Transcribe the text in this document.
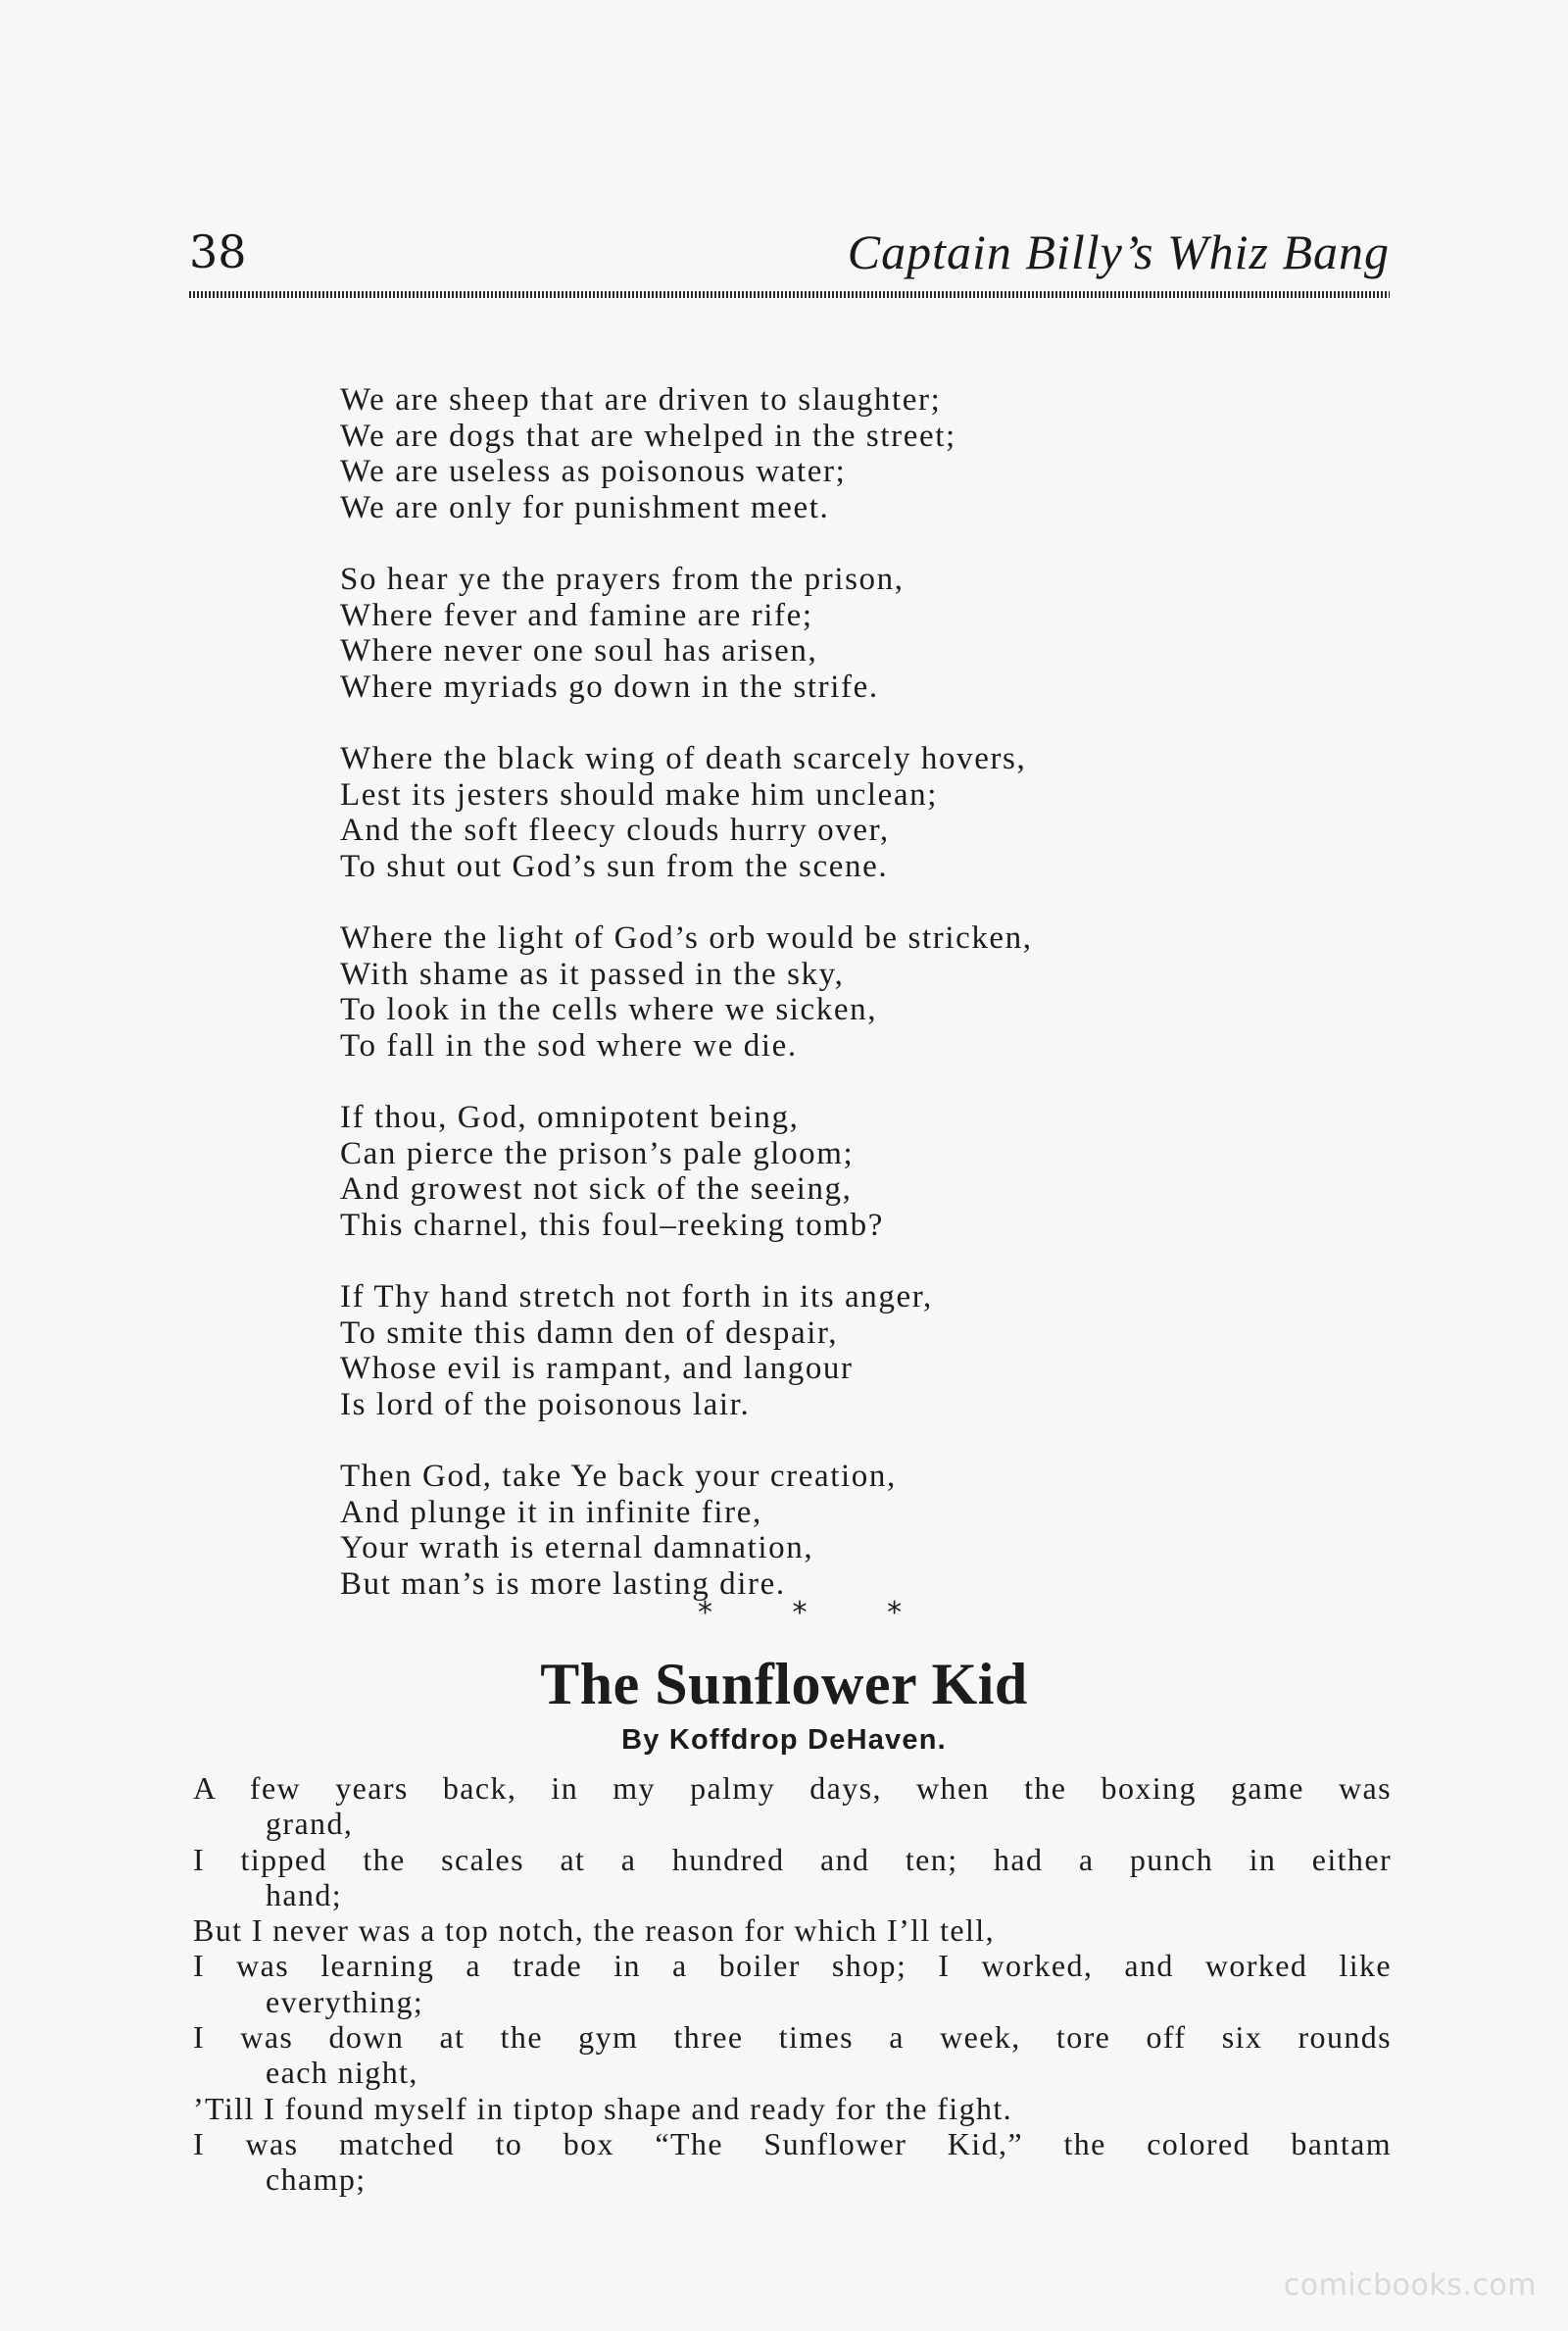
38	Captain Billy’s Whiz Bang
We are sheep that are driven to slaughter;
We are dogs that are whelped in the street;
We are useless as poisonous water;
We are only for punishment meet.
So hear ye the prayers from the prison,
Where fever and famine are rife;
Where never one soul has arisen,
Where myriads go down in the strife.
Where the black wing of death scarcely hovers,
Lest its jesters should make him unclean;
And the soft fleecy clouds hurry over,
To shut out God’s sun from the scene.
Where the light of God’s orb would be stricken,
With shame as it passed in the sky,
To look in the cells where we sicken,
To fall in the sod where we die.
If thou, God, omnipotent being,
Can pierce the prison’s pale gloom;
And growest not sick of the seeing,
This charnel, this foul–reeking tomb?
If Thy hand stretch not forth in its anger,
To smite this damn den of despair,
Whose evil is rampant, and langour
Is lord of the poisonous lair.
Then God, take Ye back your creation,
And plunge it in infinite fire,
Your wrath is eternal damnation,
But man’s is more lasting dire.
* * *
The Sunflower Kid
By Koffdrop DeHaven.
A few years back, in my palmy days, when the boxing game was
grand,
I tipped the scales at a hundred and ten; had a punch in either
hand;
But I never was a top notch, the reason for which I’ll tell,
I was learning a trade in a boiler shop; I worked, and worked like
everything;
I was down at the gym three times a week, tore off six rounds
each night,
’Till I found myself in tiptop shape and ready for the fight.
I was matched to box “The Sunflower Kid,” the colored bantam
champ;
comicbooks.com
